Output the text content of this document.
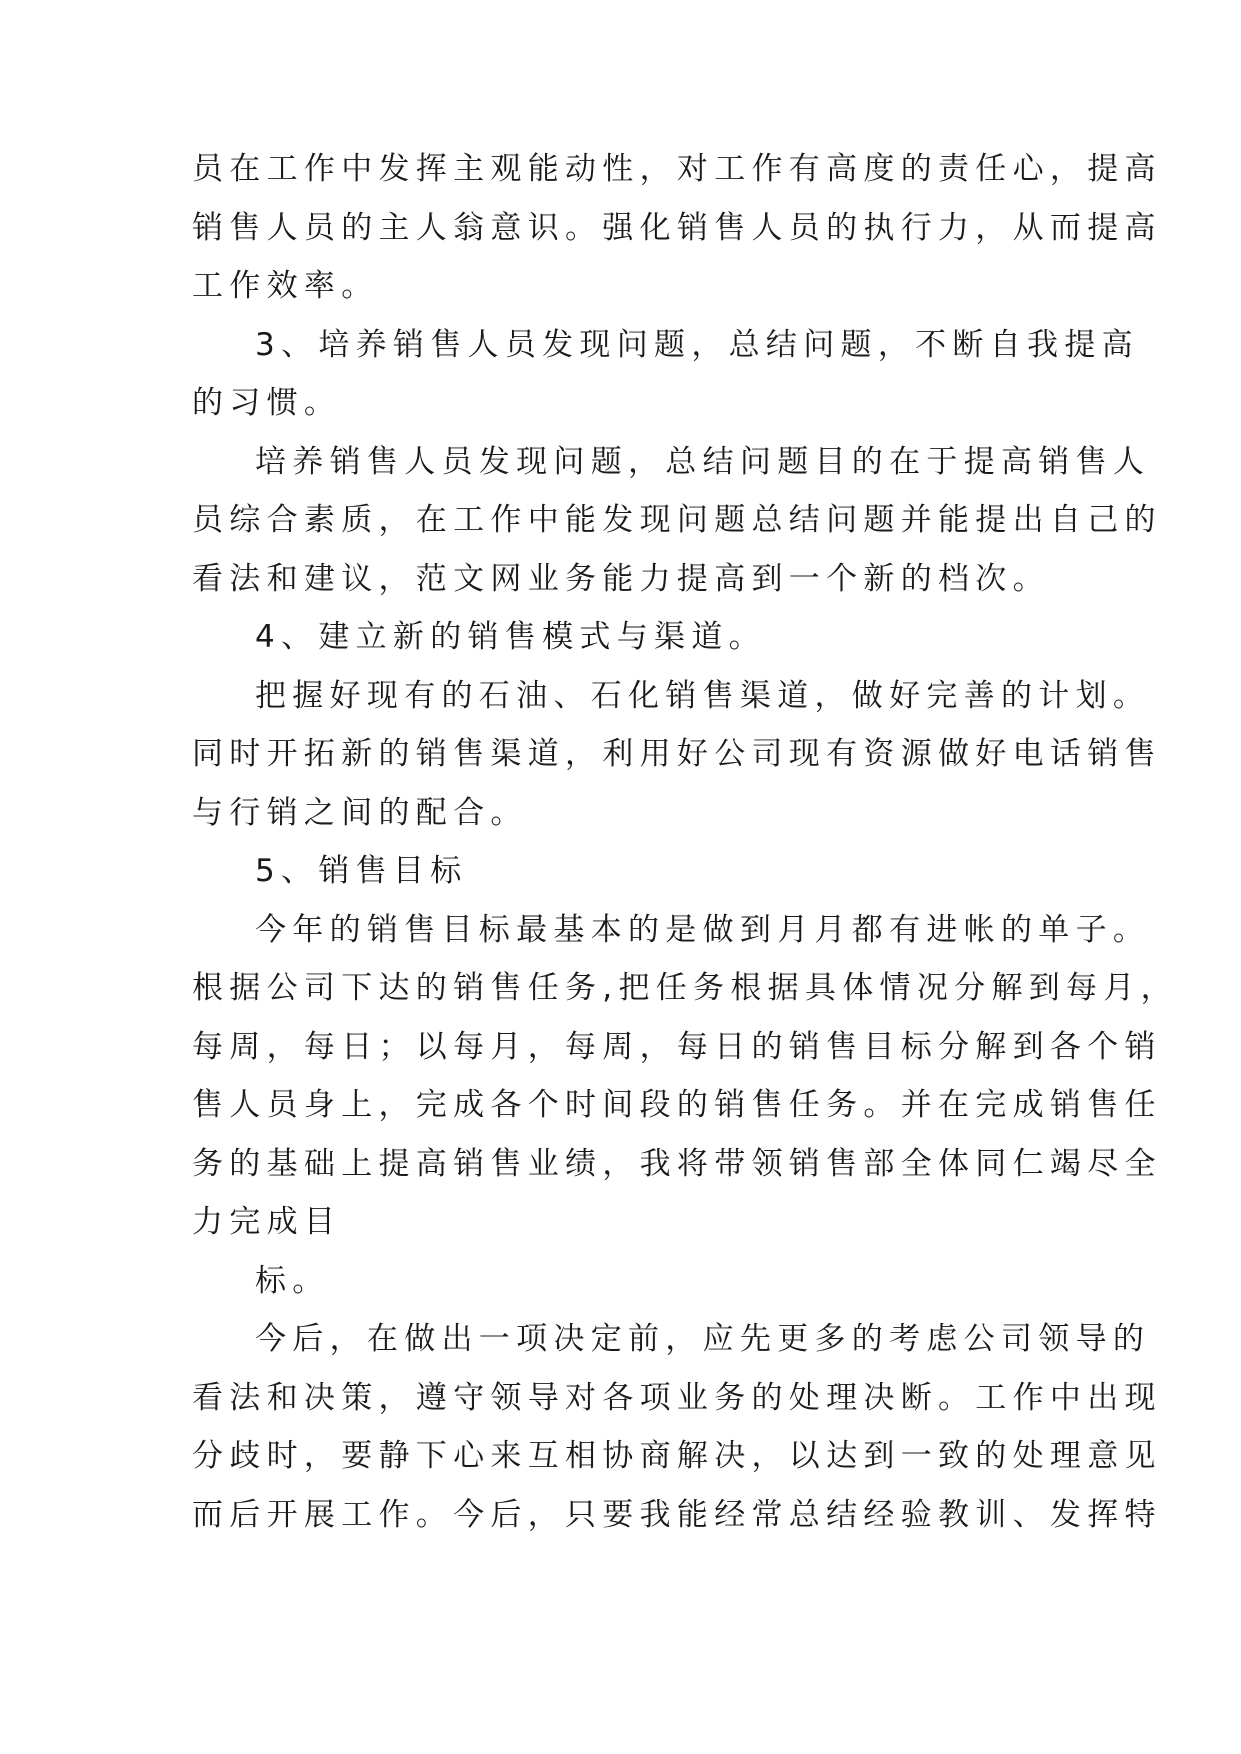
员在工作中发挥主观能动性，对工作有高度的责任心，提高
销售人员的主人翁意识。强化销售人员的执行力，从而提高
工作效率。
3、培养销售人员发现问题，总结问题，不断自我提高
的习惯。
培养销售人员发现问题，总结问题目的在于提高销售人
员综合素质，在工作中能发现问题总结问题并能提出自己的
看法和建议，范文网业务能力提高到一个新的档次。
4、建立新的销售模式与渠道。
把握好现有的石油、石化销售渠道，做好完善的计划。
同时开拓新的销售渠道，利用好公司现有资源做好电话销售
与行销之间的配合。
5、销售目标
今年的销售目标最基本的是做到月月都有进帐的单子。
根据公司下达的销售任务,把任务根据具体情况分解到每月，
每周，每日；以每月，每周，每日的销售目标分解到各个销
售人员身上，完成各个时间段的销售任务。并在完成销售任
务的基础上提高销售业绩，我将带领销售部全体同仁竭尽全
力完成目
标。
今后，在做出一项决定前，应先更多的考虑公司领导的
看法和决策，遵守领导对各项业务的处理决断。工作中出现
分歧时，要静下心来互相协商解决，以达到一致的处理意见
而后开展工作。今后，只要我能经常总结经验教训、发挥特
